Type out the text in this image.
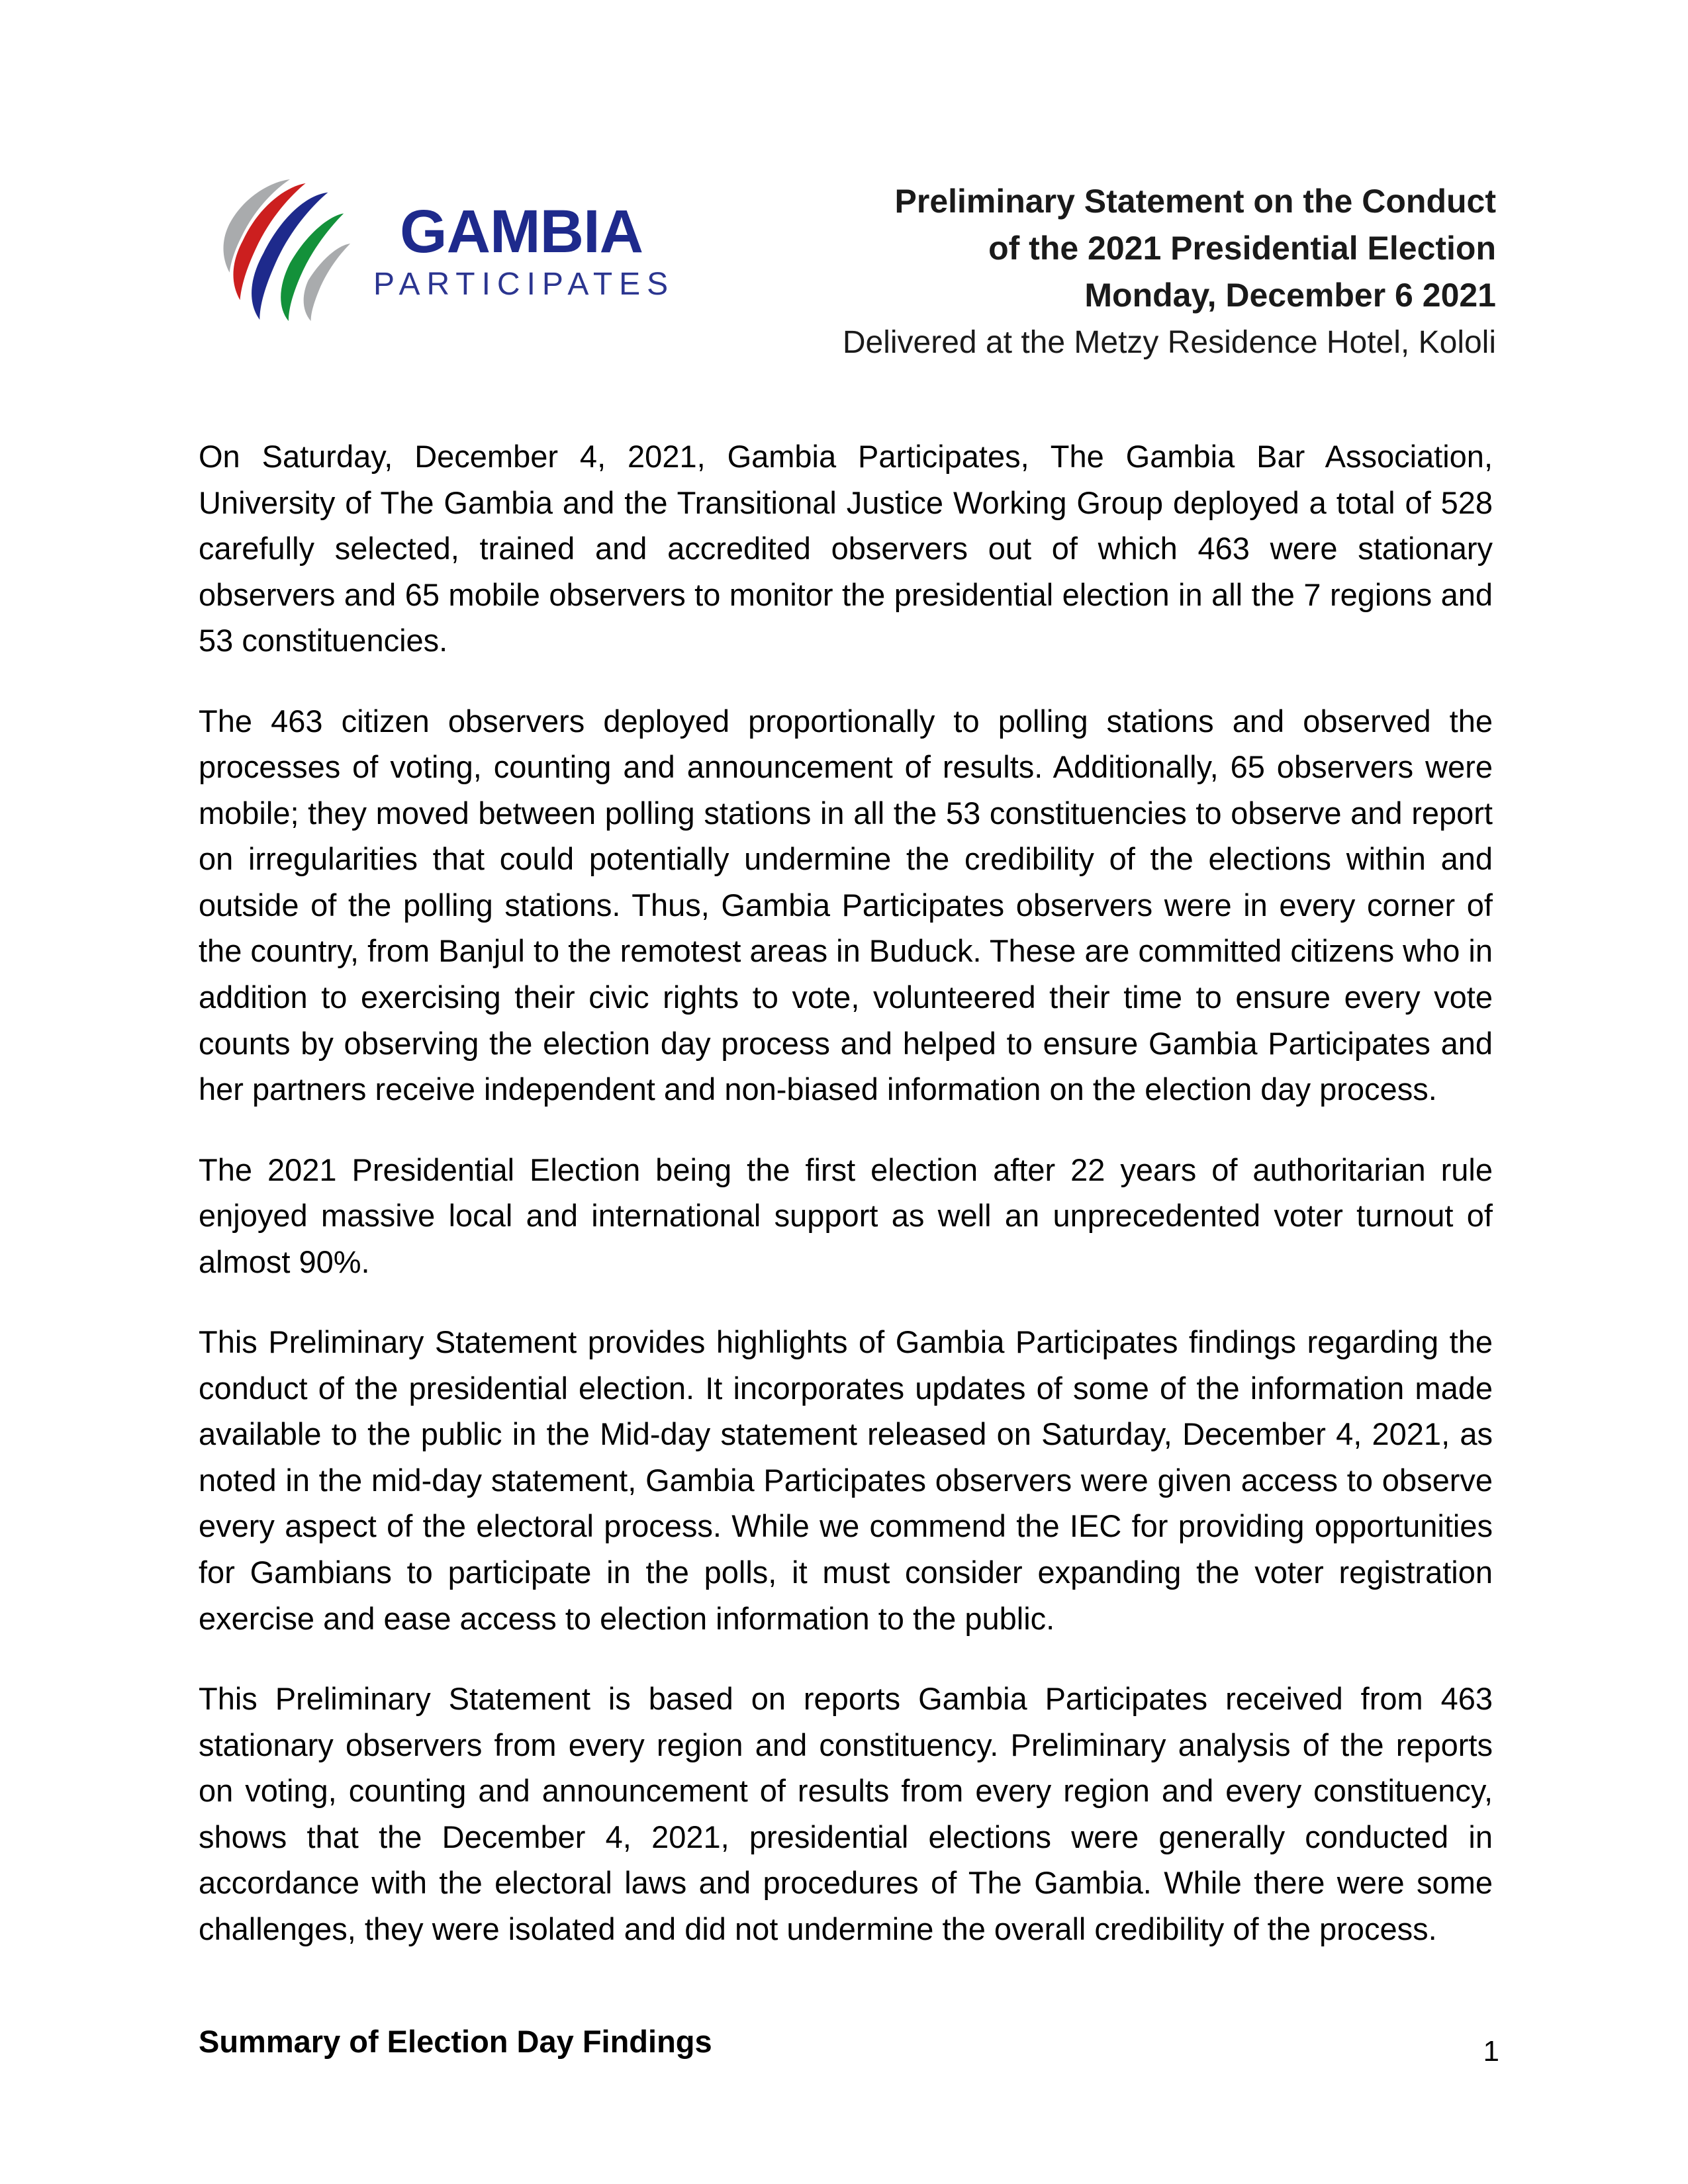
GAMBIA
PARTICIPATES
Preliminary Statement on the Conduct
of the 2021 Presidential Election
Monday, December 6 2021
Delivered at the Metzy Residence Hotel, Kololi

On Saturday, December 4, 2021, Gambia Participates, The Gambia Bar Association, University of The Gambia and the Transitional Justice Working Group deployed a total of 528 carefully selected, trained and accredited observers out of which 463 were stationary observers and 65 mobile observers to monitor the presidential election in all the 7 regions and 53 constituencies.

The 463 citizen observers deployed proportionally to polling stations and observed the processes of voting, counting and announcement of results. Additionally, 65 observers were mobile; they moved between polling stations in all the 53 constituencies to observe and report on irregularities that could potentially undermine the credibility of the elections within and outside of the polling stations. Thus, Gambia Participates observers were in every corner of the country, from Banjul to the remotest areas in Buduck. These are committed citizens who in addition to exercising their civic rights to vote, volunteered their time to ensure every vote counts by observing the election day process and helped to ensure Gambia Participates and her partners receive independent and non-biased information on the election day process.

The 2021 Presidential Election being the first election after 22 years of authoritarian rule enjoyed massive local and international support as well an unprecedented voter turnout of almost 90%.

This Preliminary Statement provides highlights of Gambia Participates findings regarding the conduct of the presidential election. It incorporates updates of some of the information made available to the public in the Mid-day statement released on Saturday, December 4, 2021, as noted in the mid-day statement, Gambia Participates observers were given access to observe every aspect of the electoral process. While we commend the IEC for providing opportunities for Gambians to participate in the polls, it must consider expanding the voter registration exercise and ease access to election information to the public.

This Preliminary Statement is based on reports Gambia Participates received from 463 stationary observers from every region and constituency. Preliminary analysis of the reports on voting, counting and announcement of results from every region and every constituency, shows that the December 4, 2021, presidential elections were generally conducted in accordance with the electoral laws and procedures of The Gambia. While there were some challenges, they were isolated and did not undermine the overall credibility of the process.

Summary of Election Day Findings	1
